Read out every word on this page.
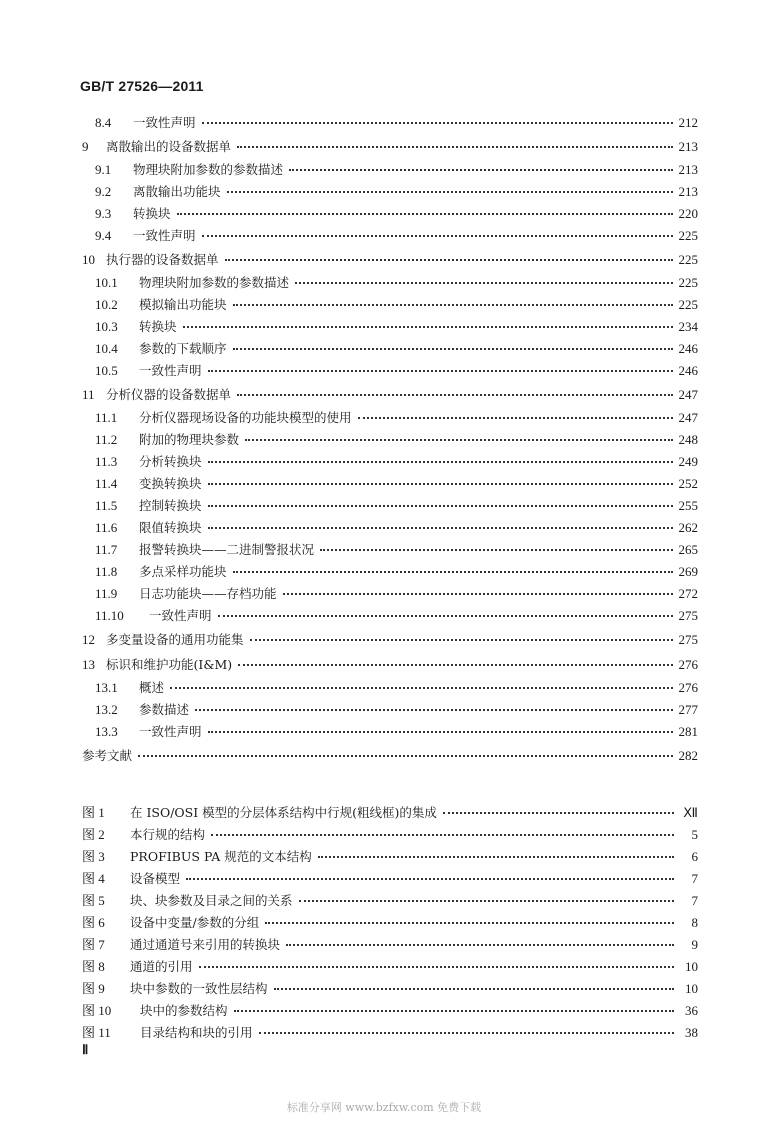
GB/T 27526—2011
8.4	一致性声明	212
9	离散输出的设备数据单	213
9.1	物理块附加参数的参数描述	213
9.2	离散输出功能块	213
9.3	转换块	220
9.4	一致性声明	225
10 执行器的设备数据单	225
10.1	物理块附加参数的参数描述	225
10.2	模拟输出功能块	225
10.3	转换块	234
10.4	参数的下载顺序	246
10.5	一致性声明	246
11 分析仪器的设备数据单	247
11.1	分析仪器现场设备的功能块模型的使用	247
11.2	附加的物理块参数	248
11.3	分析转换块	249
11.4	变换转换块	252
11.5	控制转换块	255
11.6	限值转换块	262
11.7	报警转换块——二进制警报状况	265
11.8	多点采样功能块	269
11.9	日志功能块——存档功能	272
11.10	一致性声明	275
12 多变量设备的通用功能集	275
13 标识和维护功能(I&M)	276
13.1	概述	276
13.2	参数描述	277
13.3	一致性声明	281
参考文献	282
图 1	在 ISO/OSI 模型的分层体系结构中行规(粗线框)的集成	Ⅻ
图 2	本行规的结构	5
图 3	PROFIBUS PA 规范的文本结构	6
图 4	设备模型	7
图 5	块、块参数及目录之间的关系	7
图 6	设备中变量/参数的分组	8
图 7	通过通道号来引用的转换块	9
图 8	通道的引用	10
图 9	块中参数的一致性层结构	10
图 10	块中的参数结构	36
图 11	目录结构和块的引用	38
Ⅱ
标准分享网 www.bzfxw.com 免费下载
